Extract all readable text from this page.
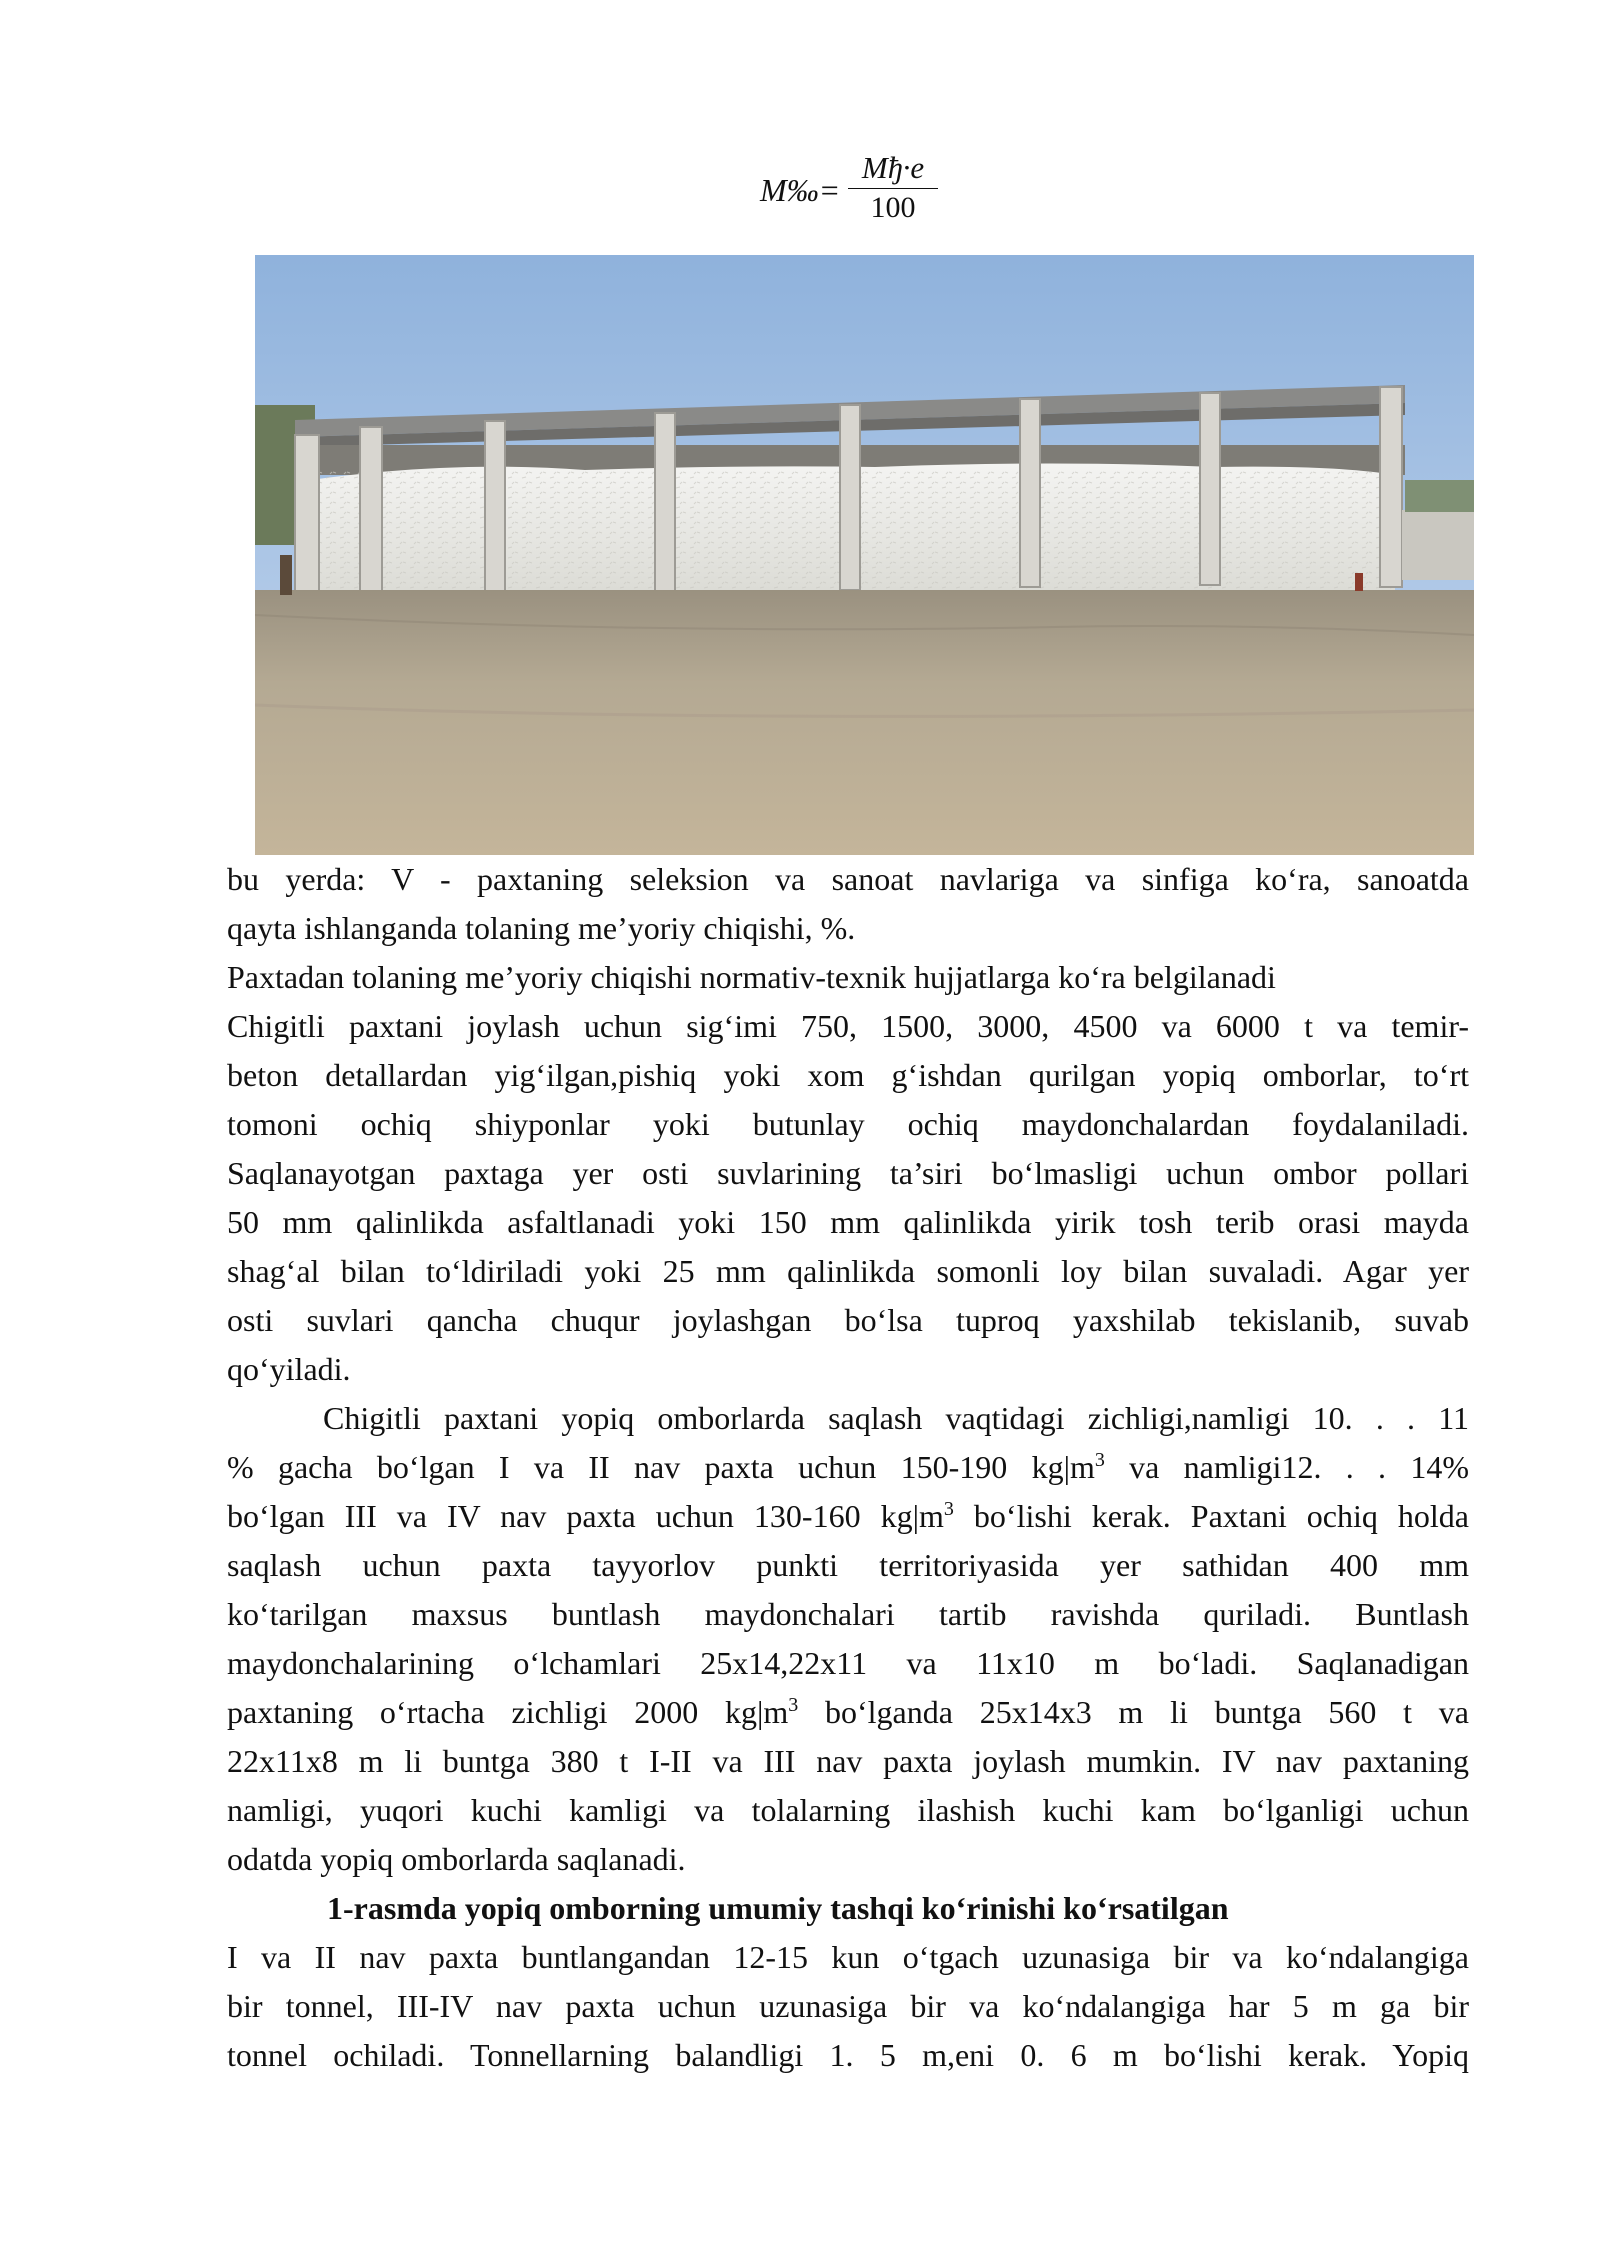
M‰=
Mђ·e
100
bu yerda: V - paxtaning seleksion va sanoat navlariga va sinfiga ko‘ra, sanoatda
qayta ishlanganda tolaning me’yoriy chiqishi, %.
Paxtadan tolaning me’yoriy chiqishi normativ-texnik hujjatlarga ko‘ra belgilanadi
Chigitli paxtani joylash uchun sig‘imi 750, 1500, 3000, 4500 va 6000 t va temir-
beton detallardan yig‘ilgan,pishiq yoki xom g‘ishdan qurilgan yopiq omborlar, to‘rt
tomoni ochiq shiyponlar yoki butunlay ochiq maydonchalardan foydalaniladi.
Saqlanayotgan paxtaga yer osti suvlarining ta’siri bo‘lmasligi uchun ombor pollari
50 mm qalinlikda asfaltlanadi yoki 150 mm qalinlikda yirik tosh terib orasi mayda
shag‘al bilan to‘ldiriladi yoki 25 mm qalinlikda somonli loy bilan suvaladi. Agar yer
osti suvlari qancha chuqur joylashgan bo‘lsa tuproq yaxshilab tekislanib, suvab
qo‘yiladi.
Chigitli paxtani yopiq omborlarda saqlash vaqtidagi zichligi,namligi 10. . . 11
% gacha bo‘lgan I va II nav paxta uchun 150-190 $kg|m^3$ va namligi12. . . 14%
bo‘lgan III va IV nav paxta uchun 130-160 $kg|m^3$ bo‘lishi kerak. Paxtani ochiq holda
saqlash uchun paxta tayyorlov punkti territoriyasida yer sathidan 400 mm
ko‘tarilgan maxsus buntlash maydonchalari tartib ravishda quriladi. Buntlash
maydonchalarining o‘lchamlari 25x14,22x11 va 11x10 m bo‘ladi. Saqlanadigan
paxtaning o‘rtacha zichligi 2000 $kg|m^3$ bo‘lganda 25x14x3 m li buntga 560 t va
22x11x8 m li buntga 380 t I-II va III nav paxta joylash mumkin. IV nav paxtaning
namligi, yuqori kuchi kamligi va tolalarning ilashish kuchi kam bo‘lganligi uchun
odatda yopiq omborlarda saqlanadi.
1-rasmda yopiq omborning umumiy tashqi ko‘rinishi ko‘rsatilgan
I va II nav paxta buntlangandan 12-15 kun o‘tgach uzunasiga bir va ko‘ndalangiga
bir tonnel, III-IV nav paxta uchun uzunasiga bir va ko‘ndalangiga har 5 m ga bir
tonnel ochiladi. Tonnellarning balandligi 1. 5 m,eni 0. 6 m bo‘lishi kerak. Yopiq
